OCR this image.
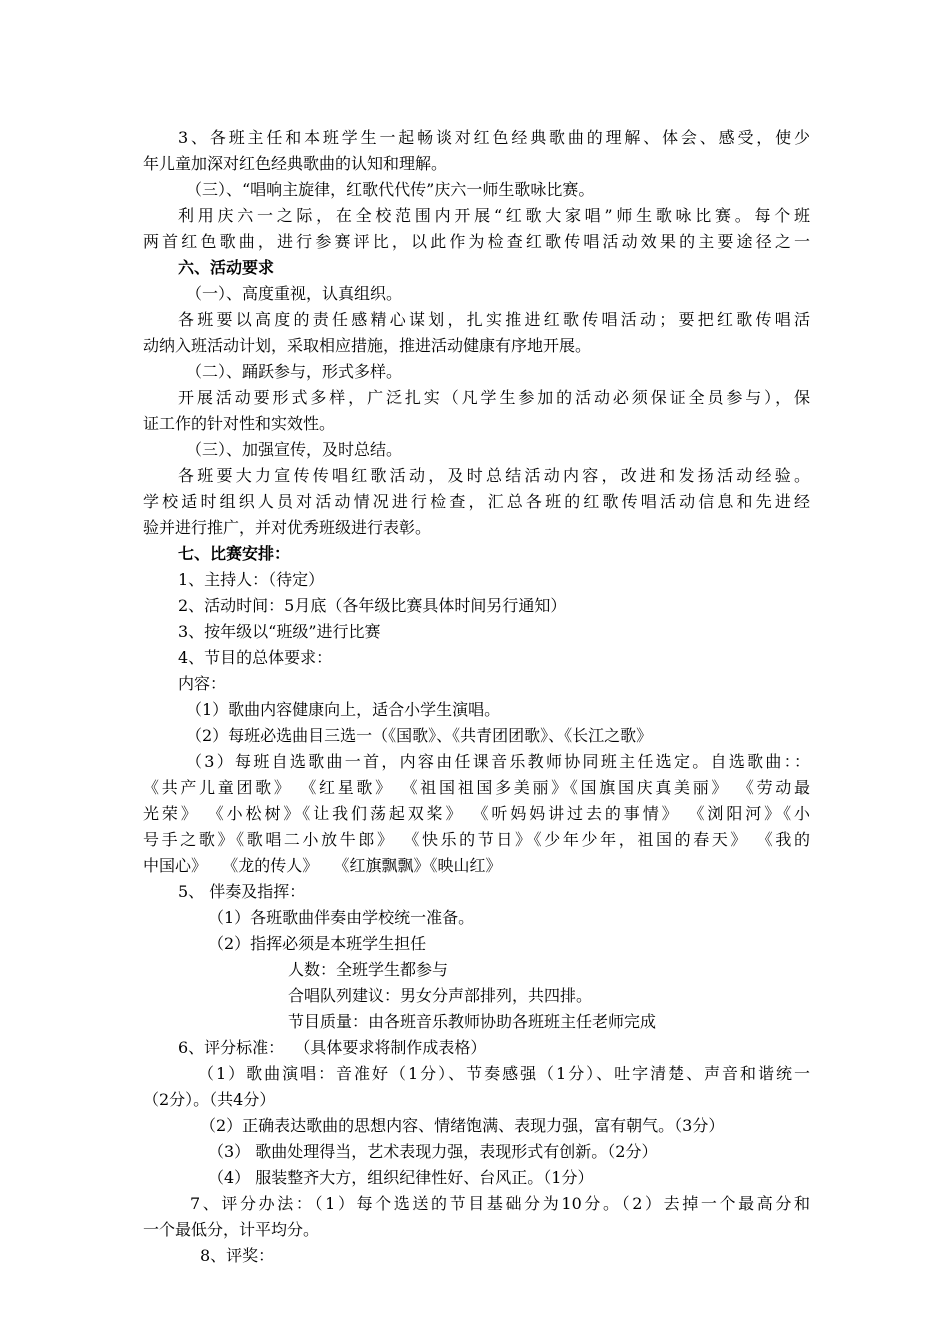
3、各班主任和本班学生一起畅谈对红色经典歌曲的理解、体会、感受，使少
年儿童加深对红色经典歌曲的认知和理解。
（三）、“唱响主旋律，红歌代代传”庆六一师生歌咏比赛。
利用庆六一之际，在全校范围内开展“红歌大家唱”师生歌咏比赛。每个班
两首红色歌曲，进行参赛评比，以此作为检查红歌传唱活动效果的主要途径之一
六、活动要求
（一）、高度重视，认真组织。
各班要以高度的责任感精心谋划，扎实推进红歌传唱活动；要把红歌传唱活
动纳入班活动计划，采取相应措施，推进活动健康有序地开展。
（二）、踊跃参与，形式多样。
开展活动要形式多样，广泛扎实（凡学生参加的活动必须保证全员参与），保
证工作的针对性和实效性。
（三）、加强宣传，及时总结。
各班要大力宣传传唱红歌活动，及时总结活动内容，改进和发扬活动经验。
学校适时组织人员对活动情况进行检查，汇总各班的红歌传唱活动信息和先进经
验并进行推广，并对优秀班级进行表彰。
七、比赛安排：
1、主持人：（待定）
2、活动时间：5月底（各年级比赛具体时间另行通知）
3、按年级以“班级”进行比赛
4、节目的总体要求：
内容：
（1）歌曲内容健康向上，适合小学生演唱。
（2）每班必选曲目三选一（《国歌》、《共青团团歌》、《长江之歌》
（3）每班自选歌曲一首，内容由任课音乐教师协同班主任选定。自选歌曲：：
《共产儿童团歌》 《红星歌》 《祖国祖国多美丽》《国旗国庆真美丽》 《劳动最
光荣》 《小松树》《让我们荡起双桨》 《听妈妈讲过去的事情》 《浏阳河》《小
号手之歌》《歌唱二小放牛郎》 《快乐的节日》《少年少年，祖国的春天》 《我的
中国心》   《龙的传人》   《红旗飘飘》《映山红》
5、 伴奏及指挥：
（1）各班歌曲伴奏由学校统一准备。
（2）指挥必须是本班学生担任
人数：全班学生都参与
合唱队列建议：男女分声部排列，共四排。
节目质量：由各班音乐教师协助各班班主任老师完成
6、评分标准：  （具体要求将制作成表格）
（1）歌曲演唱：音准好（1分）、节奏感强（1分）、吐字清楚、声音和谐统一
（2分）。（共4分）
（2）正确表达歌曲的思想内容、情绪饱满、表现力强，富有朝气。（3分）
（3） 歌曲处理得当，艺术表现力强，表现形式有创新。（2分）
（4） 服装整齐大方，组织纪律性好、台风正。（1分）
7、评分办法：（1）每个选送的节目基础分为10分。（2）去掉一个最高分和
一个最低分，计平均分。
8、评奖：
